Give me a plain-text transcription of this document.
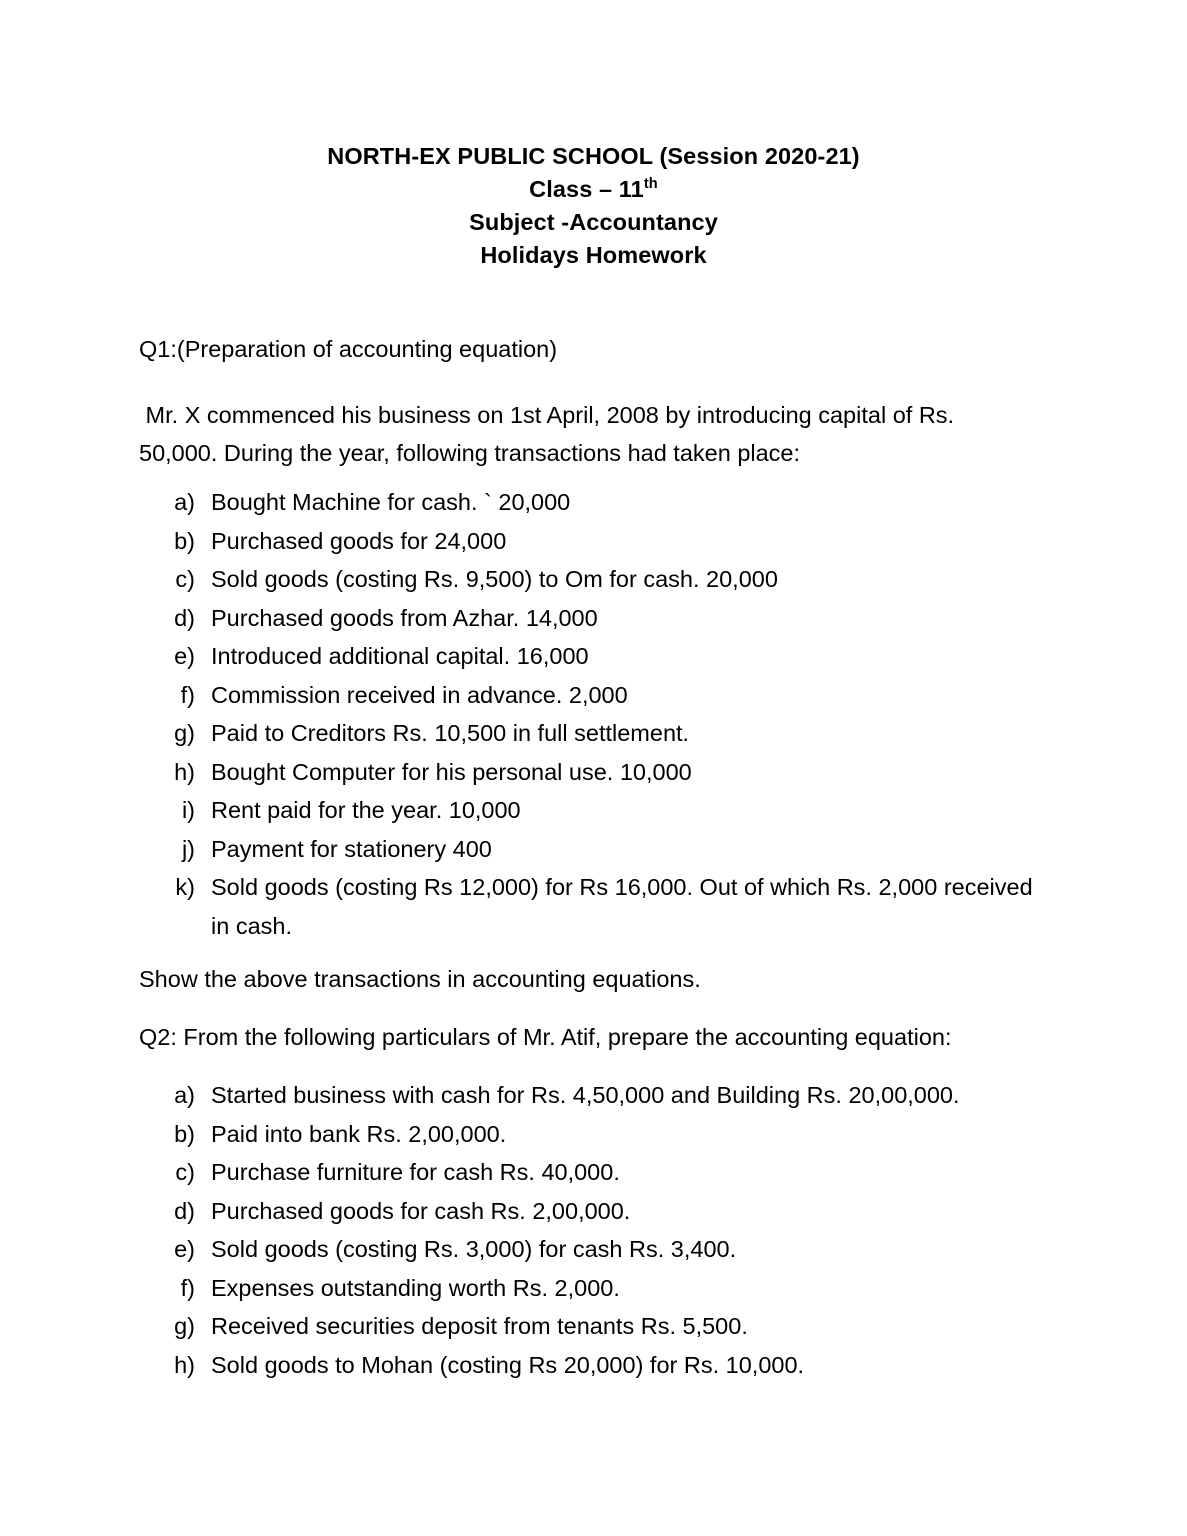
NORTH-EX PUBLIC SCHOOL (Session 2020-21)
Class – 11th
Subject -Accountancy
Holidays Homework
Q1:(Preparation of accounting equation)
Mr. X commenced his business on 1st April, 2008 by introducing capital of Rs. 50,000. During the year, following transactions had taken place:
a) Bought Machine for cash. ` 20,000
b) Purchased goods for 24,000
c) Sold goods (costing Rs. 9,500) to Om for cash. 20,000
d) Purchased goods from Azhar. 14,000
e) Introduced additional capital. 16,000
f) Commission received in advance. 2,000
g) Paid to Creditors Rs. 10,500 in full settlement.
h) Bought Computer for his personal use. 10,000
i) Rent paid for the year. 10,000
j) Payment for stationery 400
k) Sold goods (costing Rs 12,000) for Rs 16,000. Out of which Rs. 2,000 received in cash.
Show the above transactions in accounting equations.
Q2: From the following particulars of Mr. Atif, prepare the accounting equation:
a) Started business with cash for Rs. 4,50,000 and Building Rs. 20,00,000.
b) Paid into bank Rs. 2,00,000.
c) Purchase furniture for cash Rs. 40,000.
d) Purchased goods for cash Rs. 2,00,000.
e) Sold goods (costing Rs. 3,000) for cash Rs. 3,400.
f) Expenses outstanding worth Rs. 2,000.
g) Received securities deposit from tenants Rs. 5,500.
h) Sold goods to Mohan (costing Rs 20,000) for Rs. 10,000.
